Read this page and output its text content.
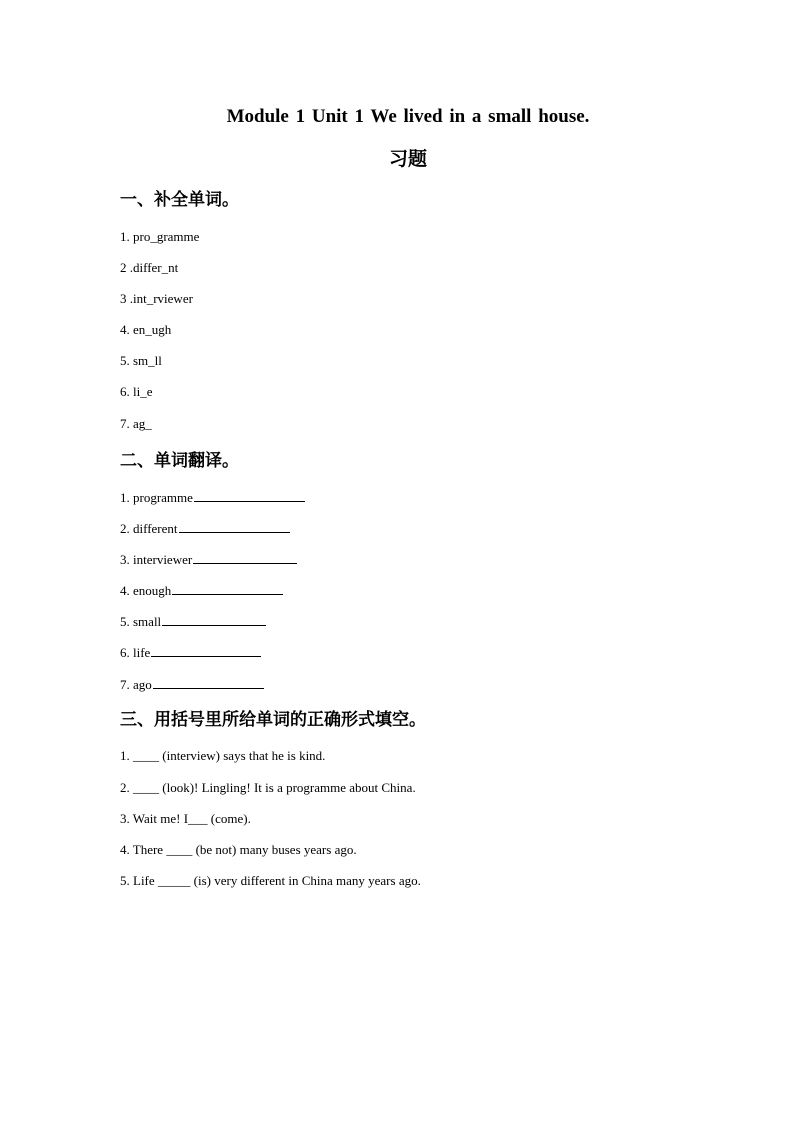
Module 1 Unit 1 We lived in a small house.
习题
一、补全单词。
1. pro_gramme
2 .differ_nt
3 .int_rviewer
4. en_ugh
5. sm_ll
6. li_e
7. ag_
二、单词翻译。
1. programme
2. different
3. interviewer
4. enough
5. small
6. life
7. ago
三、用括号里所给单词的正确形式填空。
1. ____ (interview) says that he is kind.
2. ____ (look)! Lingling! It is a programme about China.
3. Wait me! I___ (come).
4. There ____ (be not) many buses years ago.
5. Life _____ (is) very different in China many years ago.
